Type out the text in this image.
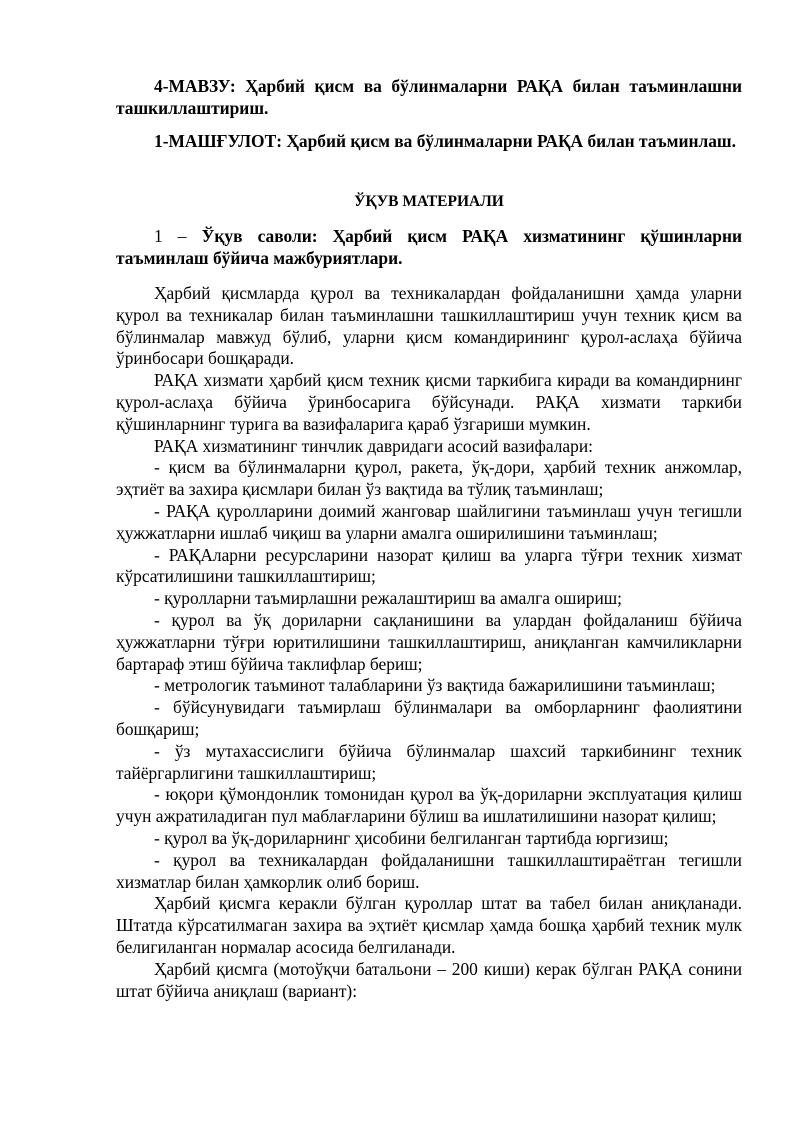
4-МАВЗУ: Ҳарбий қисм ва бўлинмаларни РАҚА билан таъминлашни ташкиллаштириш.

1-МАШҒУЛОТ: Ҳарбий қисм ва бўлинмаларни РАҚА билан таъминлаш.

ЎҚУВ МАТЕРИАЛИ

1 – Ўқув саволи: Ҳарбий қисм РАҚА хизматининг қўшинларни таъминлаш бўйича мажбуриятлари.

Ҳарбий қисмларда қурол ва техникалардан фойдаланишни ҳамда уларни қурол ва техникалар билан таъминлашни ташкиллаштириш учун техник қисм ва бўлинмалар мавжуд бўлиб, уларни қисм командирининг қурол-аслаҳа бўйича ўринбосари бошқаради.

РАҚА хизмати ҳарбий қисм техник қисми таркибига киради ва командирнинг қурол-аслаҳа бўйича ўринбосарига бўйсунади. РАҚА хизмати таркиби қўшинларнинг турига ва вазифаларига қараб ўзгариши мумкин.

РАҚА хизматининг тинчлик давридаги асосий вазифалари:

- қисм ва бўлинмаларни қурол, ракета, ўқ-дори, ҳарбий техник анжомлар, эҳтиёт ва захира қисмлари билан ўз вақтида ва тўлиқ таъминлаш;

- РАҚА қуролларини доимий жанговар шайлигини таъминлаш учун тегишли ҳужжатларни ишлаб чиқиш ва уларни амалга оширилишини таъминлаш;

- РАҚАларни ресурсларини назорат қилиш ва уларга тўғри техник хизмат кўрсатилишини ташкиллаштириш;

- қуролларни таъмирлашни режалаштириш ва амалга ошириш;

- қурол ва ўқ дориларни сақланишини ва улардан фойдаланиш бўйича ҳужжатларни тўғри юритилишини ташкиллаштириш, аниқланган камчиликларни бартараф этиш бўйича таклифлар бериш;

- метрологик таъминот талабларини ўз вақтида бажарилишини таъминлаш;

- бўйсунувидаги таъмирлаш бўлинмалари ва омборларнинг фаолиятини бошқариш;

- ўз мутахассислиги бўйича бўлинмалар шахсий таркибининг техник тайёргарлигини ташкиллаштириш;

- юқори қўмондонлик томонидан қурол ва ўқ-дориларни эксплуатация қилиш учун ажратиладиган пул маблағларини бўлиш ва ишлатилишини назорат қилиш;

- қурол ва ўқ-дориларнинг ҳисобини белгиланган тартибда юргизиш;

- қурол ва техникалардан фойдаланишни ташкиллаштираётган тегишли хизматлар билан ҳамкорлик олиб бориш.

Ҳарбий қисмга керакли бўлган қуроллар штат ва табел билан аниқланади. Штатда кўрсатилмаган захира ва эҳтиёт қисмлар ҳамда бошқа ҳарбий техник мулк белигиланган нормалар асосида белгиланади.

Ҳарбий қисмга (мотоўқчи батальони – 200 киши) керак бўлган РАҚА сонини штат бўйича аниқлаш (вариант):
